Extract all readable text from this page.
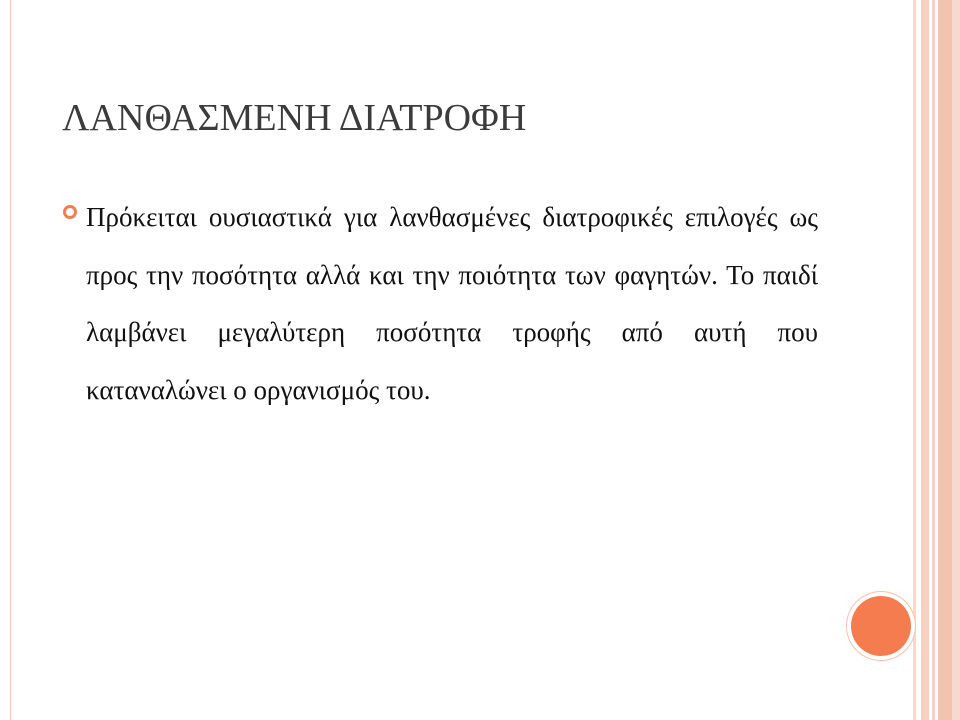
ΛΑΝΘΑΣΜΕΝΗ ΔΙΑΤΡΟΦΗ
Πρόκειται ουσιαστικά για λανθασμένες διατροφικές επιλογές ως προς την ποσότητα αλλά και την ποιότητα των φαγητών. Το παιδί λαμβάνει μεγαλύτερη ποσότητα τροφής από αυτή που καταναλώνει ο οργανισμός του.
